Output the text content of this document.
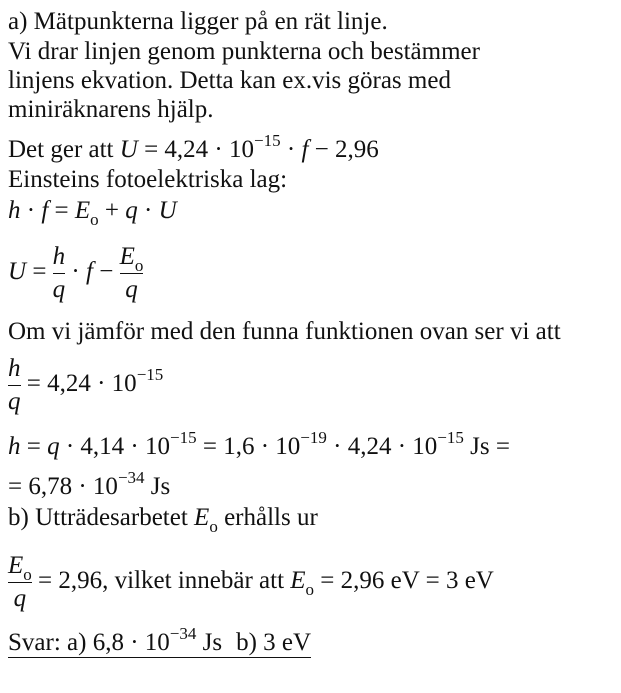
a) Mätpunkterna ligger på en rät linje.
Vi drar linjen genom punkterna och bestämmer
linjens ekvation. Detta kan ex.vis göras med
miniräknarens hjälp.
Det ger att $U = 4,24 \cdot 10^{-15} \cdot f - 2,96$
Einsteins fotoelektriska lag:
$h \cdot f = E_o + q \cdot U$
$U = \frac{h}{q} \cdot f - \frac{E_o}{q}$
Om vi jämför med den funna funktionen ovan ser vi att
$\frac{h}{q} = 4,24 \cdot 10^{-15}$
$h = q \cdot 4,14 \cdot 10^{-15} = 1,6 \cdot 10^{-19} \cdot 4,24 \cdot 10^{-15}$ Js =
= $6,78 \cdot 10^{-34}$ Js
b) Utträdesarbetet $E_o$ erhålls ur
$\frac{E_o}{q} = 2,96$, vilket innebär att $E_o = 2,96$ eV = 3 eV
Svar: a) $6,8 \cdot 10^{-34}$ Js b) 3 eV
